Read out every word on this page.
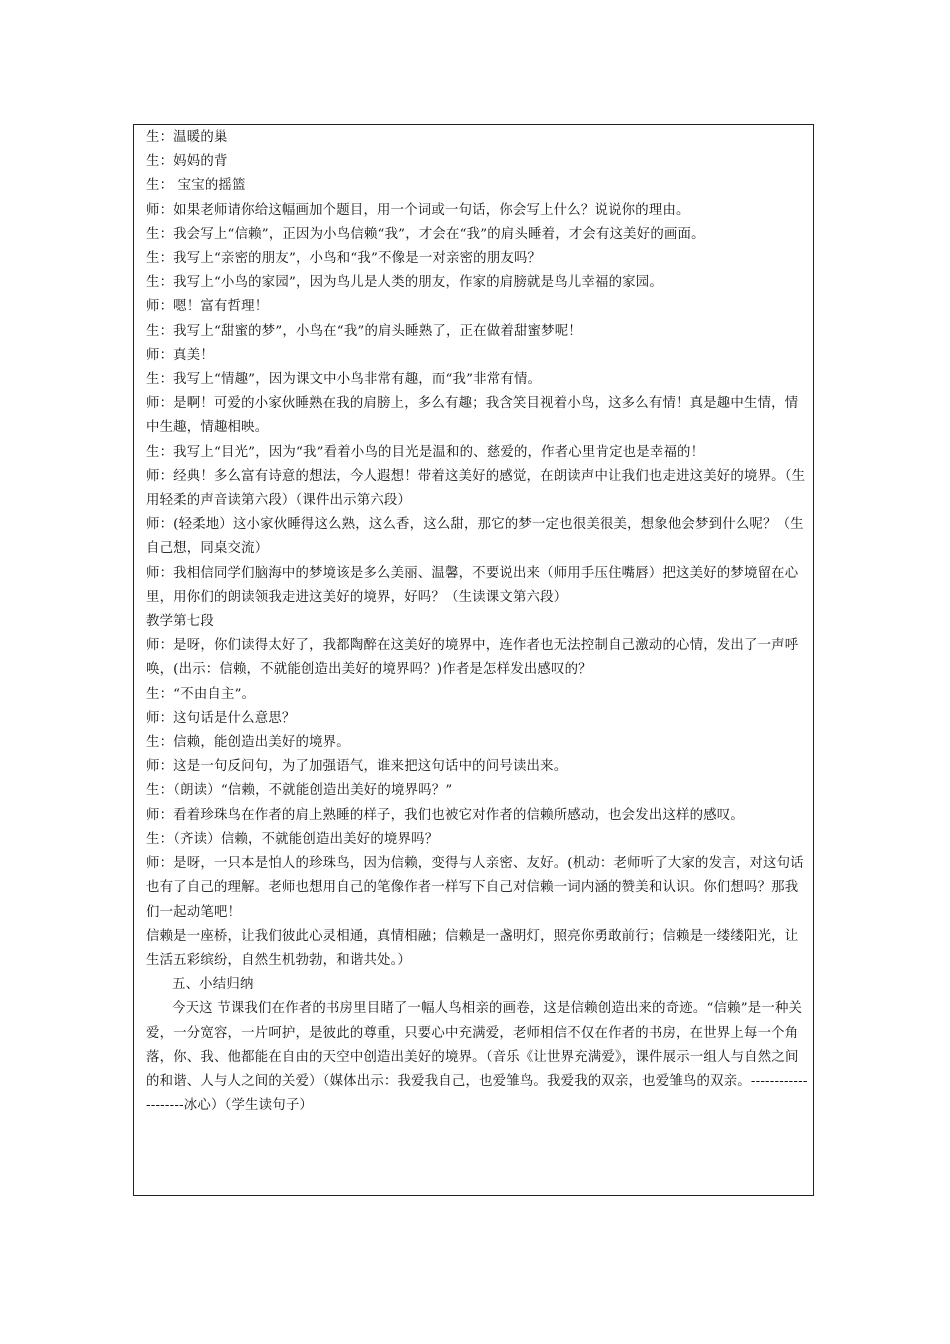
生：温暖的巢

生：妈妈的背

生： 宝宝的摇篮

师：如果老师请你给这幅画加个题目，用一个词或一句话，你会写上什么？说说你的理由。

生：我会写上“信赖”，正因为小鸟信赖“我”，才会在“我”的肩头睡着，才会有这美好的画面。

生：我写上“亲密的朋友”，小鸟和“我”不像是一对亲密的朋友吗？

生：我写上“小鸟的家园”，因为鸟儿是人类的朋友，作家的肩膀就是鸟儿幸福的家园。

师：嗯！富有哲理！

生：我写上“甜蜜的梦”，小鸟在“我”的肩头睡熟了，正在做着甜蜜梦呢！

师：真美！

生：我写上“情趣”，因为课文中小鸟非常有趣，而“我”非常有情。

师：是啊！可爱的小家伙睡熟在我的肩膀上，多么有趣；我含笑目视着小鸟，这多么有情！真是趣中生情，情中生趣，情趣相映。

生：我写上“目光”，因为“我”看着小鸟的目光是温和的、慈爱的，作者心里肯定也是幸福的！

师：经典！多么富有诗意的想法，今人遐想！带着这美好的感觉，在朗读声中让我们也走进这美好的境界。（生用轻柔的声音读第六段）（课件出示第六段）

师：(轻柔地）这小家伙睡得这么熟，这么香，这么甜，那它的梦一定也很美很美，想象他会梦到什么呢？（生自己想，同桌交流）

师：我相信同学们脑海中的梦境该是多么美丽、温馨，不要说出来（师用手压住嘴唇）把这美好的梦境留在心里，用你们的朗读领我走进这美好的境界，好吗？（生读课文第六段）

教学第七段

师：是呀，你们读得太好了，我都陶醉在这美好的境界中，连作者也无法控制自己激动的心情，发出了一声呼唤，(出示：信赖，不就能创造出美好的境界吗？)作者是怎样发出感叹的？

生：“不由自主”。

师：这句话是什么意思？

生：信赖，能创造出美好的境界。

师：这是一句反问句，为了加强语气，谁来把这句话中的问号读出来。

生：（朗读）“信赖，不就能创造出美好的境界吗？”

师：看着珍珠鸟在作者的肩上熟睡的样子，我们也被它对作者的信赖所感动，也会发出这样的感叹。

生：（齐读）信赖，不就能创造出美好的境界吗？

师：是呀，一只本是怕人的珍珠鸟，因为信赖，变得与人亲密、友好。(机动：老师听了大家的发言，对这句话也有了自己的理解。老师也想用自己的笔像作者一样写下自己对信赖一词内涵的赞美和认识。你们想吗？那我们一起动笔吧！

信赖是一座桥，让我们彼此心灵相通，真情相融；信赖是一盏明灯，照亮你勇敢前行；信赖是一缕缕阳光，让生活五彩缤纷，自然生机勃勃，和谐共处。）

五、小结归纳

今天这 节课我们在作者的书房里目睹了一幅人鸟相亲的画卷，这是信赖创造出来的奇迹。“信赖”是一种关爱，一分宽容，一片呵护，是彼此的尊重，只要心中充满爱，老师相信不仅在作者的书房，在世界上每一个角落，你、我、他都能在自由的天空中创造出美好的境界。（音乐《让世界充满爱》，课件展示一组人与自然之间的和谐、人与人之间的关爱）（媒体出示：我爱我自己，也爱雏鸟。我爱我的双亲，也爱雏鸟的双亲。--------------------冰心）（学生读句子）
